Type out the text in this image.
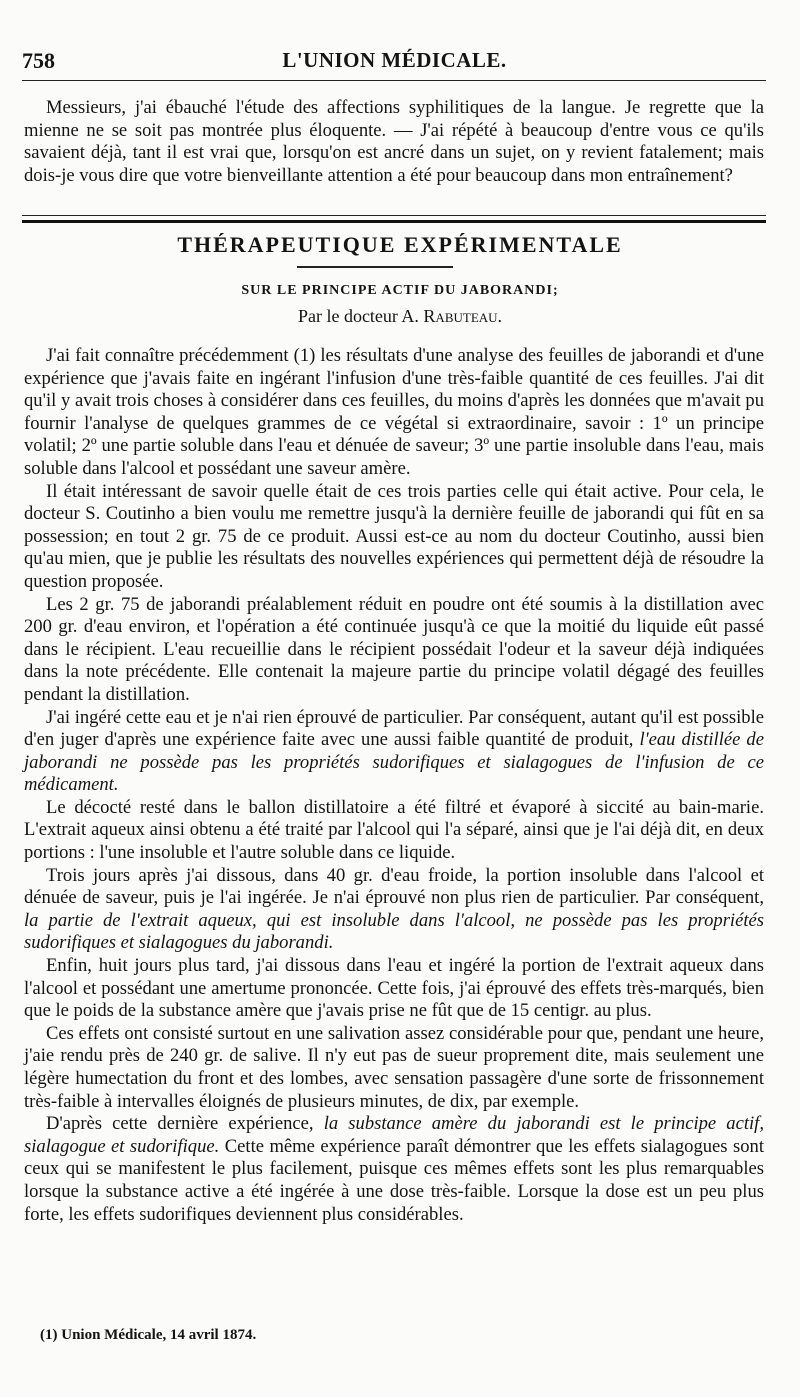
758	L'UNION MÉDICALE.

Messieurs, j'ai ébauché l'étude des affections syphilitiques de la langue. Je regrette que la mienne ne se soit pas montrée plus éloquente. — J'ai répété à beaucoup d'entre vous ce qu'ils savaient déjà, tant il est vrai que, lorsqu'on est ancré dans un sujet, on y revient fatalement; mais dois-je vous dire que votre bienveillante attention a été pour beaucoup dans mon entraînement?

THÉRAPEUTIQUE EXPÉRIMENTALE
SUR LE PRINCIPE ACTIF DU JABORANDI;
Par le docteur A. Rabuteau.

J'ai fait connaître précédemment (1) les résultats d'une analyse des feuilles de jaborandi et d'une expérience que j'avais faite en ingérant l'infusion d'une très-faible quantité de ces feuilles. J'ai dit qu'il y avait trois choses à considérer dans ces feuilles, du moins d'après les données que m'avait pu fournir l'analyse de quelques grammes de ce végétal si extraordinaire, savoir : 1º un principe volatil; 2º une partie soluble dans l'eau et dénuée de saveur; 3º une partie insoluble dans l'eau, mais soluble dans l'alcool et possédant une saveur amère.

Il était intéressant de savoir quelle était de ces trois parties celle qui était active. Pour cela, le docteur S. Coutinho a bien voulu me remettre jusqu'à la dernière feuille de jaborandi qui fût en sa possession; en tout 2 gr. 75 de ce produit. Aussi est-ce au nom du docteur Coutinho, aussi bien qu'au mien, que je publie les résultats des nouvelles expériences qui permettent déjà de résoudre la question proposée.

Les 2 gr. 75 de jaborandi préalablement réduit en poudre ont été soumis à la distillation avec 200 gr. d'eau environ, et l'opération a été continuée jusqu'à ce que la moitié du liquide eût passé dans le récipient. L'eau recueillie dans le récipient possédait l'odeur et la saveur déjà indiquées dans la note précédente. Elle contenait la majeure partie du principe volatil dégagé des feuilles pendant la distillation.

J'ai ingéré cette eau et je n'ai rien éprouvé de particulier. Par conséquent, autant qu'il est possible d'en juger d'après une expérience faite avec une aussi faible quantité de produit, l'eau distillée de jaborandi ne possède pas les propriétés sudorifiques et sialagogues de l'infusion de ce médicament.

Le décocté resté dans le ballon distillatoire a été filtré et évaporé à siccité au bain-marie. L'extrait aqueux ainsi obtenu a été traité par l'alcool qui l'a séparé, ainsi que je l'ai déjà dit, en deux portions : l'une insoluble et l'autre soluble dans ce liquide.

Trois jours après j'ai dissous, dans 40 gr. d'eau froide, la portion insoluble dans l'alcool et dénuée de saveur, puis je l'ai ingérée. Je n'ai éprouvé non plus rien de particulier. Par conséquent, la partie de l'extrait aqueux, qui est insoluble dans l'alcool, ne possède pas les propriétés sudorifiques et sialagogues du jaborandi.

Enfin, huit jours plus tard, j'ai dissous dans l'eau et ingéré la portion de l'extrait aqueux dans l'alcool et possédant une amertume prononcée. Cette fois, j'ai éprouvé des effets très-marqués, bien que le poids de la substance amère que j'avais prise ne fût que de 15 centigr. au plus.

Ces effets ont consisté surtout en une salivation assez considérable pour que, pendant une heure, j'aie rendu près de 240 gr. de salive. Il n'y eut pas de sueur proprement dite, mais seulement une légère humectation du front et des lombes, avec sensation passagère d'une sorte de frissonnement très-faible à intervalles éloignés de plusieurs minutes, de dix, par exemple.

D'après cette dernière expérience, la substance amère du jaborandi est le principe actif, sialagogue et sudorifique. Cette même expérience paraît démontrer que les effets sialagogues sont ceux qui se manifestent le plus facilement, puisque ces mêmes effets sont les plus remarquables lorsque la substance active a été ingérée à une dose très-faible. Lorsque la dose est un peu plus forte, les effets sudorifiques deviennent plus considérables.

(1) Union Médicale, 14 avril 1874.
